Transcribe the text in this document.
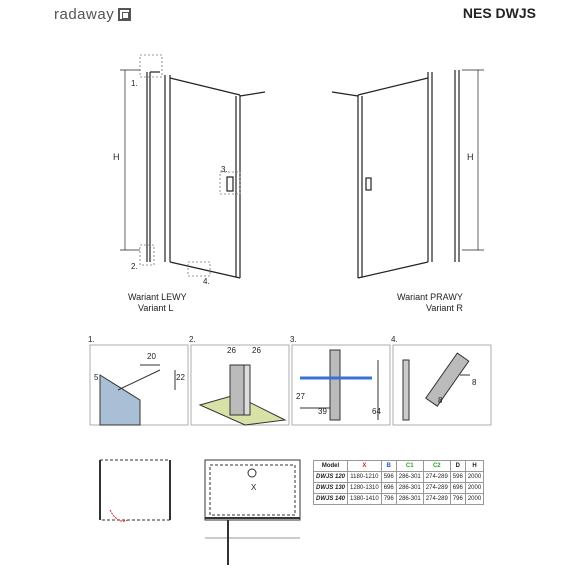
radaway	NES DWJS
H
1.
2.
3.
4.
Wariant LEWY
Variant L
H
Wariant PRAWY
Variant R
1.
20
5	22
2.
26 26
3.
27
39	64
4.
8
8
X
Model	X	B	C1	C2	D	H
DWJS 120	1180-1210	596	286-301	274-289	596	2000
DWJS 130	1280-1310	696	286-301	274-289	696	2000
DWJS 140	1380-1410	796	286-301	274-289	796	2000
